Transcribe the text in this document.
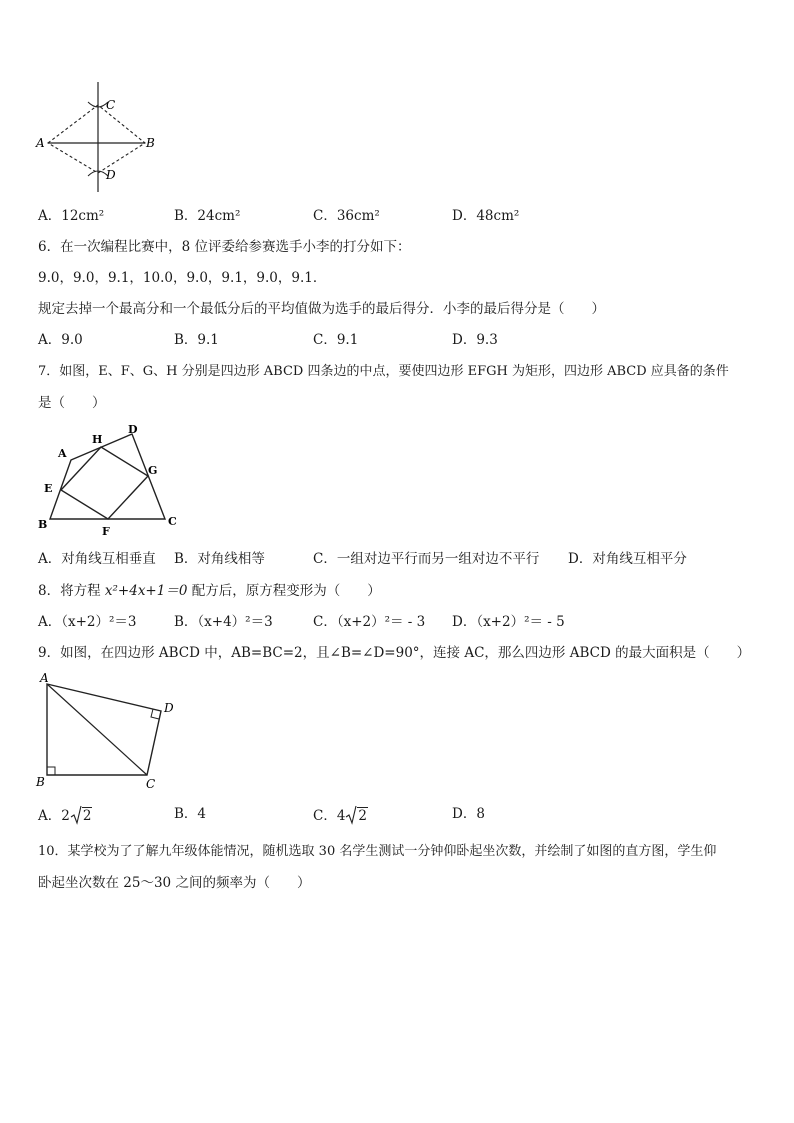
A	B
C
D
A．12cm²	B．24cm²	C．36cm²	D．48cm²
6．在一次编程比赛中，8 位评委给参赛选手小李的打分如下：
9.0，9.0，9.1，10.0，9.0，9.1，9.0，9.1．
规定去掉一个最高分和一个最低分后的平均值做为选手的最后得分．小李的最后得分是（　　）
A．9.0	B．9.1	C．9.1	D．9.3
7．如图，E、F、G、H 分别是四边形 ABCD 四条边的中点，要使四边形 EFGH 为矩形，四边形 ABCD 应具备的条件
是（　　）
A
B	C
D
E
F
G
H
A．对角线互相垂直 B．对角线相等	C．一组对边平行而另一组对边不平行 D．对角线互相平分
8．将方程 x²+4x+1＝0 配方后，原方程变形为（　　）
A．（x+2）²＝3	B．（x+4）²＝3	C．（x+2）²＝ - 3 D．（x+2）²＝ - 5
9．如图，在四边形 ABCD 中，AB=BC=2，且∠B=∠D=90°，连接 AC，那么四边形 ABCD 的最大面积是（　　）
A
B	C
D
A．2 2	B．4	C．4 2	D．8
10．某学校为了了解九年级体能情况，随机选取 30 名学生测试一分钟仰卧起坐次数，并绘制了如图的直方图，学生仰
卧起坐次数在 25～30 之间的频率为（　　）
